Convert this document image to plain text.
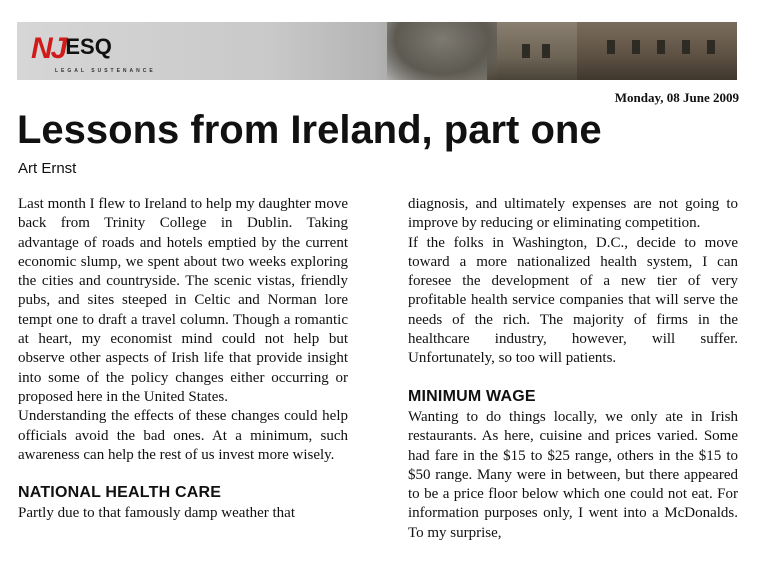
NJESQ
LEGAL SUSTENANCE
Monday, 08 June 2009
Lessons from Ireland, part one
Art Ernst

Last month I flew to Ireland to help my daughter move back from Trinity College in Dublin. Taking advantage of roads and hotels emptied by the current economic slump, we spent about two weeks exploring the cities and countryside. The scenic vistas, friendly pubs, and sites steeped in Celtic and Norman lore tempt one to draft a travel column. Though a romantic at heart, my economist mind could not help but observe other aspects of Irish life that provide insight into some of the policy changes either occurring or proposed here in the United States.

Understanding the effects of these changes could help officials avoid the bad ones. At a minimum, such awareness can help the rest of us invest more wisely.

NATIONAL HEALTH CARE

Partly due to that famously damp weather that

diagnosis, and ultimately expenses are not going to improve by reducing or eliminating competition.

If the folks in Washington, D.C., decide to move toward a more nationalized health system, I can foresee the development of a new tier of very profitable health service companies that will serve the needs of the rich. The majority of firms in the healthcare industry, however, will suffer. Unfortunately, so too will patients.

MINIMUM WAGE

Wanting to do things locally, we only ate in Irish restaurants. As here, cuisine and prices varied. Some had fare in the $15 to $25 range, others in the $15 to $50 range. Many were in between, but there appeared to be a price floor below which one could not eat. For information purposes only, I went into a McDonalds. To my surprise,
